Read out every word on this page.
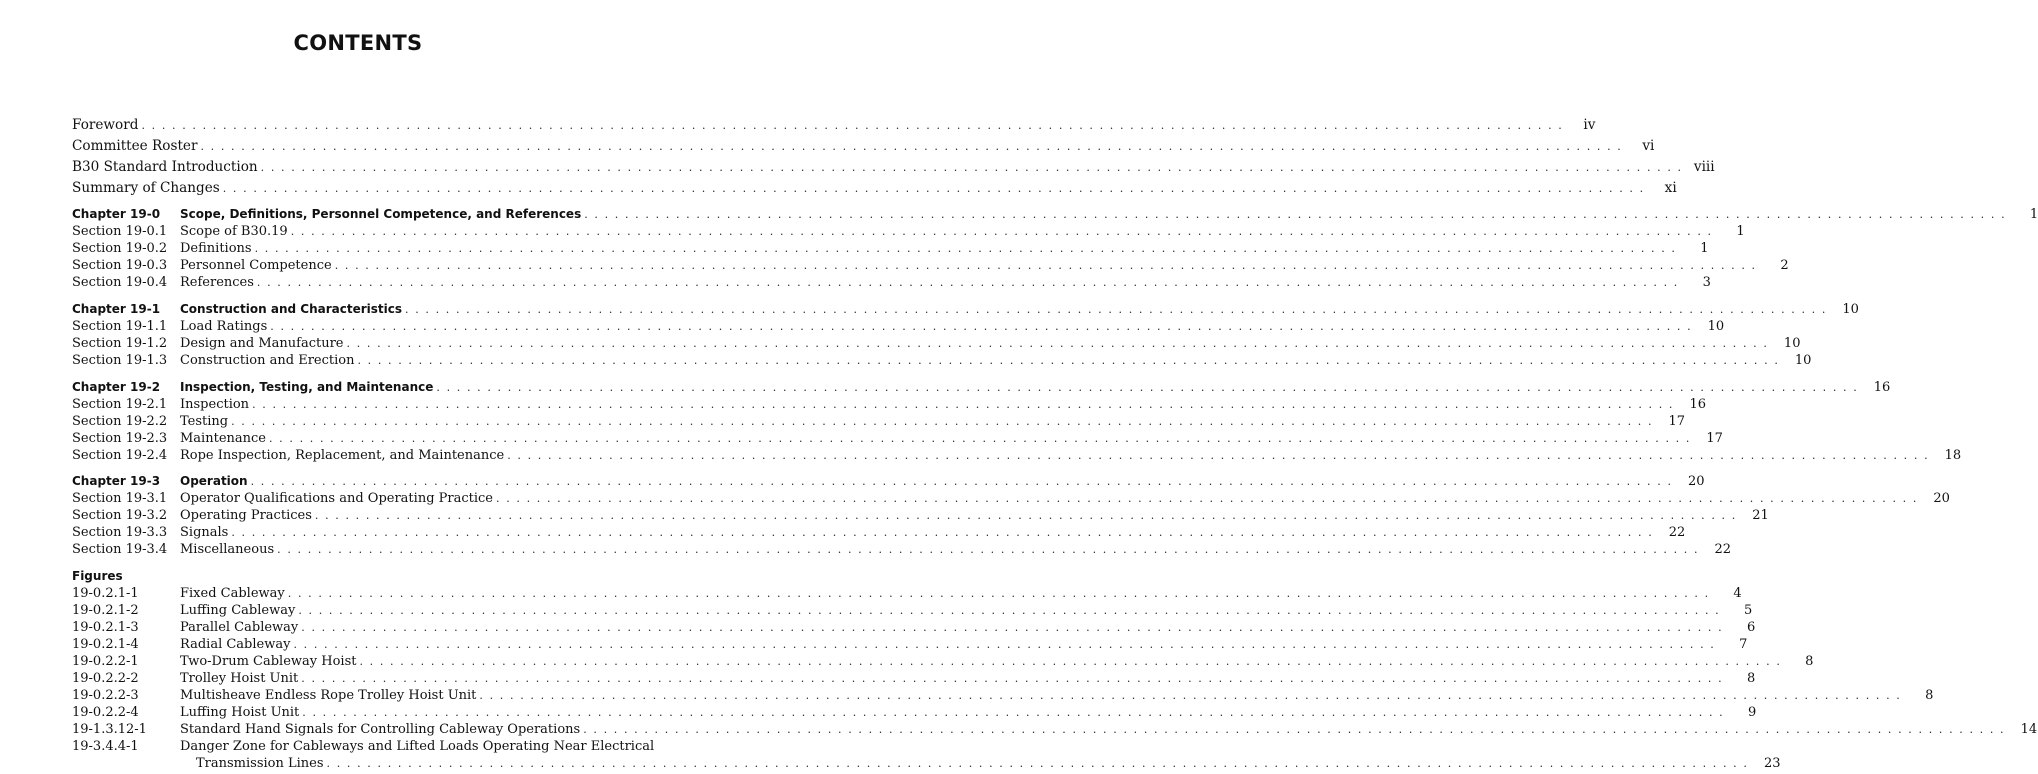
CONTENTS
Foreword . . . . . . . . . . . . . . . . . . . . . . . . . . . . . . . . . . . . . . . . . . . . . . . . . . . . . . . . . . . . . . . . . . . . . . . . . . . . . . . . . . . . . . . . . . . . . . . . . . . . . . . . . . . . . . . . . . . . . . . . . . . . . . . . . . . . . . . . . . . .	iv
Committee Roster . . . . . . . . . . . . . . . . . . . . . . . . . . . . . . . . . . . . . . . . . . . . . . . . . . . . . . . . . . . . . . . . . . . . . . . . . . . . . . . . . . . . . . . . . . . . . . . . . . . . . . . . . . . . . . . . . . . . . . . . . . . . . . . . . . . . . . . . . . . .	vi
B30 Standard Introduction . . . . . . . . . . . . . . . . . . . . . . . . . . . . . . . . . . . . . . . . . . . . . . . . . . . . . . . . . . . . . . . . . . . . . . . . . . . . . . . . . . . . . . . . . . . . . . . . . . . . . . . . . . . . . . . . . . . . . . . . . . . . . . . . . . . . . . . . . . . . viii
Summary of Changes . . . . . . . . . . . . . . . . . . . . . . . . . . . . . . . . . . . . . . . . . . . . . . . . . . . . . . . . . . . . . . . . . . . . . . . . . . . . . . . . . . . . . . . . . . . . . . . . . . . . . . . . . . . . . . . . . . . . . . . . . . . . . . . . . . . . . . . . . . . .	xi
Chapter 19-0	Scope, Definitions, Personnel Competence, and References . . . . . . . . . . . . . . . . . . . . . . . . . . . . . . . . . . . . . . . . . . . . . . . . . . . . . . . . . . . . . . . . . . . . . . . . . . . . . . . . . . . . . . . . . . . . . . . . . . . . . . . . . . . . . . . . . . . . . . . . . . . . . . . . . . . . . . . . . . . .	1
Section 19-0.1 Scope of B30.19 . . . . . . . . . . . . . . . . . . . . . . . . . . . . . . . . . . . . . . . . . . . . . . . . . . . . . . . . . . . . . . . . . . . . . . . . . . . . . . . . . . . . . . . . . . . . . . . . . . . . . . . . . . . . . . . . . . . . . . . . . . . . . . . . . . . . . . . . . . . .	1
Section 19-0.2 Definitions . . . . . . . . . . . . . . . . . . . . . . . . . . . . . . . . . . . . . . . . . . . . . . . . . . . . . . . . . . . . . . . . . . . . . . . . . . . . . . . . . . . . . . . . . . . . . . . . . . . . . . . . . . . . . . . . . . . . . . . . . . . . . . . . . . . . . . . . . . . .	1
Section 19-0.3 Personnel Competence . . . . . . . . . . . . . . . . . . . . . . . . . . . . . . . . . . . . . . . . . . . . . . . . . . . . . . . . . . . . . . . . . . . . . . . . . . . . . . . . . . . . . . . . . . . . . . . . . . . . . . . . . . . . . . . . . . . . . . . . . . . . . . . . . . . . . . . . . . . .	2
Section 19-0.4 References . . . . . . . . . . . . . . . . . . . . . . . . . . . . . . . . . . . . . . . . . . . . . . . . . . . . . . . . . . . . . . . . . . . . . . . . . . . . . . . . . . . . . . . . . . . . . . . . . . . . . . . . . . . . . . . . . . . . . . . . . . . . . . . . . . . . . . . . . . . .	3
Chapter 19-1	Construction and Characteristics . . . . . . . . . . . . . . . . . . . . . . . . . . . . . . . . . . . . . . . . . . . . . . . . . . . . . . . . . . . . . . . . . . . . . . . . . . . . . . . . . . . . . . . . . . . . . . . . . . . . . . . . . . . . . . . . . . . . . . . . . . . . . . . . . . . . . . . . . . . .	10
Section 19-1.1 Load Ratings . . . . . . . . . . . . . . . . . . . . . . . . . . . . . . . . . . . . . . . . . . . . . . . . . . . . . . . . . . . . . . . . . . . . . . . . . . . . . . . . . . . . . . . . . . . . . . . . . . . . . . . . . . . . . . . . . . . . . . . . . . . . . . . . . . . . . . . . . . . .	10
Section 19-1.2 Design and Manufacture . . . . . . . . . . . . . . . . . . . . . . . . . . . . . . . . . . . . . . . . . . . . . . . . . . . . . . . . . . . . . . . . . . . . . . . . . . . . . . . . . . . . . . . . . . . . . . . . . . . . . . . . . . . . . . . . . . . . . . . . . . . . . . . . . . . . . . . . . . . .	10
Section 19-1.3 Construction and Erection . . . . . . . . . . . . . . . . . . . . . . . . . . . . . . . . . . . . . . . . . . . . . . . . . . . . . . . . . . . . . . . . . . . . . . . . . . . . . . . . . . . . . . . . . . . . . . . . . . . . . . . . . . . . . . . . . . . . . . . . . . . . . . . . . . . . . . . . . . . .	10
Chapter 19-2	Inspection, Testing, and Maintenance . . . . . . . . . . . . . . . . . . . . . . . . . . . . . . . . . . . . . . . . . . . . . . . . . . . . . . . . . . . . . . . . . . . . . . . . . . . . . . . . . . . . . . . . . . . . . . . . . . . . . . . . . . . . . . . . . . . . . . . . . . . . . . . . . . . . . . . . . . . .	16
Section 19-2.1 Inspection . . . . . . . . . . . . . . . . . . . . . . . . . . . . . . . . . . . . . . . . . . . . . . . . . . . . . . . . . . . . . . . . . . . . . . . . . . . . . . . . . . . . . . . . . . . . . . . . . . . . . . . . . . . . . . . . . . . . . . . . . . . . . . . . . . . . . . . . . . . .	16
Section 19-2.2 Testing . . . . . . . . . . . . . . . . . . . . . . . . . . . . . . . . . . . . . . . . . . . . . . . . . . . . . . . . . . . . . . . . . . . . . . . . . . . . . . . . . . . . . . . . . . . . . . . . . . . . . . . . . . . . . . . . . . . . . . . . . . . . . . . . . . . . . . . . . . . .	17
Section 19-2.3 Maintenance . . . . . . . . . . . . . . . . . . . . . . . . . . . . . . . . . . . . . . . . . . . . . . . . . . . . . . . . . . . . . . . . . . . . . . . . . . . . . . . . . . . . . . . . . . . . . . . . . . . . . . . . . . . . . . . . . . . . . . . . . . . . . . . . . . . . . . . . . . . .	17
Section 19-2.4 Rope Inspection, Replacement, and Maintenance . . . . . . . . . . . . . . . . . . . . . . . . . . . . . . . . . . . . . . . . . . . . . . . . . . . . . . . . . . . . . . . . . . . . . . . . . . . . . . . . . . . . . . . . . . . . . . . . . . . . . . . . . . . . . . . . . . . . . . . . . . . . . . . . . . . . . . . . . . . .	18
Chapter 19-3	Operation . . . . . . . . . . . . . . . . . . . . . . . . . . . . . . . . . . . . . . . . . . . . . . . . . . . . . . . . . . . . . . . . . . . . . . . . . . . . . . . . . . . . . . . . . . . . . . . . . . . . . . . . . . . . . . . . . . . . . . . . . . . . . . . . . . . . . . . . . . . .	20
Section 19-3.1 Operator Qualifications and Operating Practice . . . . . . . . . . . . . . . . . . . . . . . . . . . . . . . . . . . . . . . . . . . . . . . . . . . . . . . . . . . . . . . . . . . . . . . . . . . . . . . . . . . . . . . . . . . . . . . . . . . . . . . . . . . . . . . . . . . . . . . . . . . . . . . . . . . . . . . . . . . .	20
Section 19-3.2 Operating Practices . . . . . . . . . . . . . . . . . . . . . . . . . . . . . . . . . . . . . . . . . . . . . . . . . . . . . . . . . . . . . . . . . . . . . . . . . . . . . . . . . . . . . . . . . . . . . . . . . . . . . . . . . . . . . . . . . . . . . . . . . . . . . . . . . . . . . . . . . . . .	21
Section 19-3.3 Signals . . . . . . . . . . . . . . . . . . . . . . . . . . . . . . . . . . . . . . . . . . . . . . . . . . . . . . . . . . . . . . . . . . . . . . . . . . . . . . . . . . . . . . . . . . . . . . . . . . . . . . . . . . . . . . . . . . . . . . . . . . . . . . . . . . . . . . . . . . . .	22
Section 19-3.4 Miscellaneous . . . . . . . . . . . . . . . . . . . . . . . . . . . . . . . . . . . . . . . . . . . . . . . . . . . . . . . . . . . . . . . . . . . . . . . . . . . . . . . . . . . . . . . . . . . . . . . . . . . . . . . . . . . . . . . . . . . . . . . . . . . . . . . . . . . . . . . . . . . .	22
Figures
19-0.2.1-1	Fixed Cableway . . . . . . . . . . . . . . . . . . . . . . . . . . . . . . . . . . . . . . . . . . . . . . . . . . . . . . . . . . . . . . . . . . . . . . . . . . . . . . . . . . . . . . . . . . . . . . . . . . . . . . . . . . . . . . . . . . . . . . . . . . . . . . . . . . . . . . . . . . . .	4
19-0.2.1-2	Luffing Cableway . . . . . . . . . . . . . . . . . . . . . . . . . . . . . . . . . . . . . . . . . . . . . . . . . . . . . . . . . . . . . . . . . . . . . . . . . . . . . . . . . . . . . . . . . . . . . . . . . . . . . . . . . . . . . . . . . . . . . . . . . . . . . . . . . . . . . . . . . . . .	5
19-0.2.1-3	Parallel Cableway . . . . . . . . . . . . . . . . . . . . . . . . . . . . . . . . . . . . . . . . . . . . . . . . . . . . . . . . . . . . . . . . . . . . . . . . . . . . . . . . . . . . . . . . . . . . . . . . . . . . . . . . . . . . . . . . . . . . . . . . . . . . . . . . . . . . . . . . . . . .	6
19-0.2.1-4	Radial Cableway . . . . . . . . . . . . . . . . . . . . . . . . . . . . . . . . . . . . . . . . . . . . . . . . . . . . . . . . . . . . . . . . . . . . . . . . . . . . . . . . . . . . . . . . . . . . . . . . . . . . . . . . . . . . . . . . . . . . . . . . . . . . . . . . . . . . . . . . . . . .	7
19-0.2.2-1	Two-Drum Cableway Hoist . . . . . . . . . . . . . . . . . . . . . . . . . . . . . . . . . . . . . . . . . . . . . . . . . . . . . . . . . . . . . . . . . . . . . . . . . . . . . . . . . . . . . . . . . . . . . . . . . . . . . . . . . . . . . . . . . . . . . . . . . . . . . . . . . . . . . . . . . . . .	8
19-0.2.2-2	Trolley Hoist Unit . . . . . . . . . . . . . . . . . . . . . . . . . . . . . . . . . . . . . . . . . . . . . . . . . . . . . . . . . . . . . . . . . . . . . . . . . . . . . . . . . . . . . . . . . . . . . . . . . . . . . . . . . . . . . . . . . . . . . . . . . . . . . . . . . . . . . . . . . . . .	8
19-0.2.2-3	Multisheave Endless Rope Trolley Hoist Unit . . . . . . . . . . . . . . . . . . . . . . . . . . . . . . . . . . . . . . . . . . . . . . . . . . . . . . . . . . . . . . . . . . . . . . . . . . . . . . . . . . . . . . . . . . . . . . . . . . . . . . . . . . . . . . . . . . . . . . . . . . . . . . . . . . . . . . . . . . . .	8
19-0.2.2-4	Luffing Hoist Unit . . . . . . . . . . . . . . . . . . . . . . . . . . . . . . . . . . . . . . . . . . . . . . . . . . . . . . . . . . . . . . . . . . . . . . . . . . . . . . . . . . . . . . . . . . . . . . . . . . . . . . . . . . . . . . . . . . . . . . . . . . . . . . . . . . . . . . . . . . . .	9
19-1.3.12-1	Standard Hand Signals for Controlling Cableway Operations . . . . . . . . . . . . . . . . . . . . . . . . . . . . . . . . . . . . . . . . . . . . . . . . . . . . . . . . . . . . . . . . . . . . . . . . . . . . . . . . . . . . . . . . . . . . . . . . . . . . . . . . . . . . . . . . . . . . . . . . . . . . . . . . . . . . . . . . . . . .	14
19-3.4.4-1	Danger Zone for Cableways and Lifted Loads Operating Near Electrical
Transmission Lines . . . . . . . . . . . . . . . . . . . . . . . . . . . . . . . . . . . . . . . . . . . . . . . . . . . . . . . . . . . . . . . . . . . . . . . . . . . . . . . . . . . . . . . . . . . . . . . . . . . . . . . . . . . . . . . . . . . . . . . . . . . . . . . . . . . . . . . . . . . .	23
